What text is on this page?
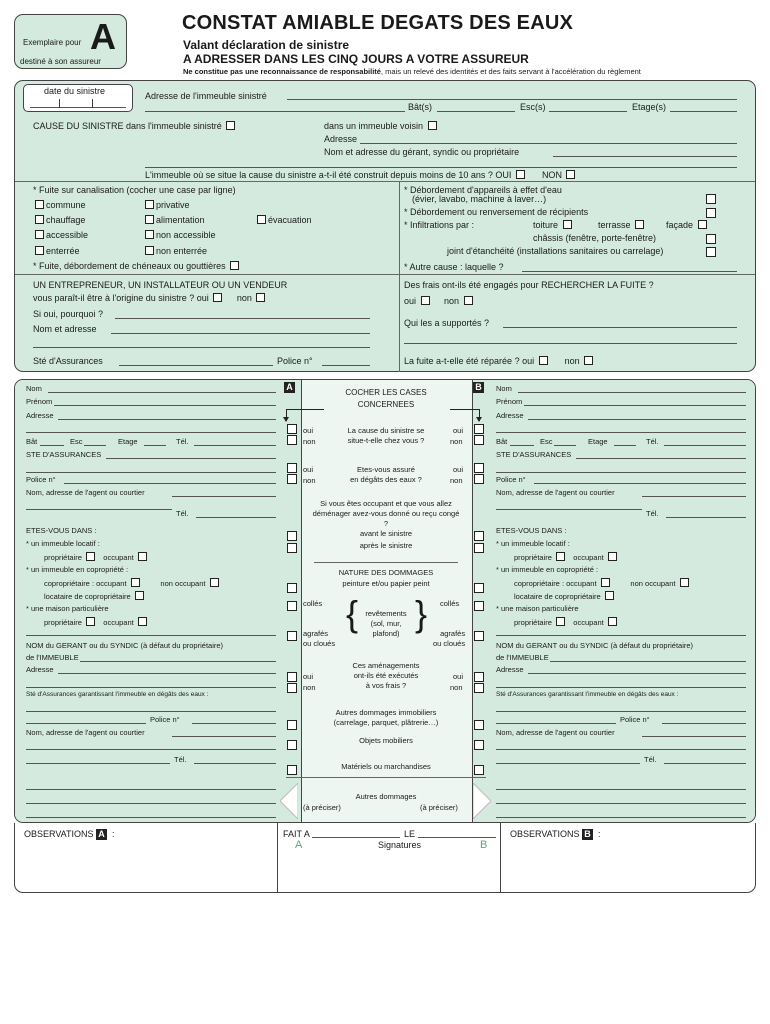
Exemplaire pour A
destiné à son assureur
CONSTAT AMIABLE DEGATS DES EAUX
Valant déclaration de sinistre
A ADRESSER DANS LES CINQ JOURS A VOTRE ASSUREUR
Ne constitue pas une reconnaissance de responsabilité, mais un relevé des identités et des faits servant à l'accélération du règlement
date du sinistre	Adresse de l'immeuble sinistré
Bât(s)	Esc(s)	Etage(s)
CAUSE DU SINISTRE dans l'immeuble sinistré	dans un immeuble voisin
Adresse
Nom et adresse du gérant, syndic ou propriétaire
L'immeuble où se situe la cause du sinistre a-t-il été construit depuis moins de 10 ans ? OUI	NON
* Fuite sur canalisation (cocher une case par ligne)
commune	privative
chauffage	alimentation	évacuation
accessible	non accessible
enterrée	non enterrée
* Fuite, débordement de chéneaux ou gouttières
* Débordement d'appareils à effet d'eau
(évier, lavabo, machine à laver…)
* Débordement ou renversement de récipients
* Infiltrations par :	toiture	terrasse	façade
châssis (fenêtre, porte-fenêtre)
joint d'étanchéité (installations sanitaires ou carrelage)
* Autre cause : laquelle ?
UN ENTREPRENEUR, UN INSTALLATEUR OU UN VENDEUR
vous paraît-il être à l'origine du sinistre ? oui	non
Si oui, pourquoi ?
Nom et adresse
Sté d'Assurances	Police n°
Des frais ont-ils été engagés pour RECHERCHER LA FUITE ?
oui	non
Qui les a supportés ?
La fuite a-t-elle été réparée ? oui	non
Nom
Prénom
Adresse
Bât	Esc	Etage	Tél.
STE D'ASSURANCES
Police n°
Nom, adresse de l'agent ou courtier
Tél.
ETES-VOUS DANS :
* un immeuble locatif :
propriétaire	occupant
* un immeuble en copropriété :
copropriétaire : occupant	non occupant
locataire de copropriétaire
* une maison particulière
propriétaire	occupant
NOM du GERANT ou du SYNDIC (à défaut du propriétaire)
de l'IMMEUBLE
Adresse
Sté d'Assurances garantissant l'immeuble en dégâts des eaux :
Police n°
Nom, adresse de l'agent ou courtier
Tél.
Nom
Prénom
Adresse
Bât	Esc	Etage	Tél.
STE D'ASSURANCES
Police n°
Nom, adresse de l'agent ou courtier
Tél.
ETES-VOUS DANS :
* un immeuble locatif :
propriétaire	occupant
* un immeuble en copropriété :
copropriétaire : occupant	non occupant
locataire de copropriétaire
* une maison particulière
propriétaire	occupant
NOM du GERANT ou du SYNDIC (à défaut du propriétaire)
de l'IMMEUBLE
Adresse
Sté d'Assurances garantissant l'immeuble en dégâts des eaux :
Police n°
Nom, adresse de l'agent ou courtier
Tél.
A	B
COCHER LES CASES
CONCERNEES
oui
non
La cause du sinistre se
situe-t-elle chez vous ?
oui
non
oui
non
Etes-vous assuré
en dégâts des eaux ?
oui
non
Si vous êtes occupant et que vous allez déménager avez-vous donné ou reçu congé ?
avant le sinistre
après le sinistre
NATURE DES DOMMAGES
peinture et/ou papier peint
collés	collés
{ }
revêtements
(sol, mur,
plafond)
agrafés
ou cloués
agrafés
ou cloués
Ces aménagements
ont-ils été exécutés
à vos frais ?
oui
non
oui
non
Autres dommages immobiliers
(carrelage, parquet, plâtrerie…)
Objets mobiliers
Matériels ou marchandises
Autres dommages
(à préciser)	(à préciser)
OBSERVATIONS A  :	FAIT A	LE
A	Signatures	B
OBSERVATIONS B  :
